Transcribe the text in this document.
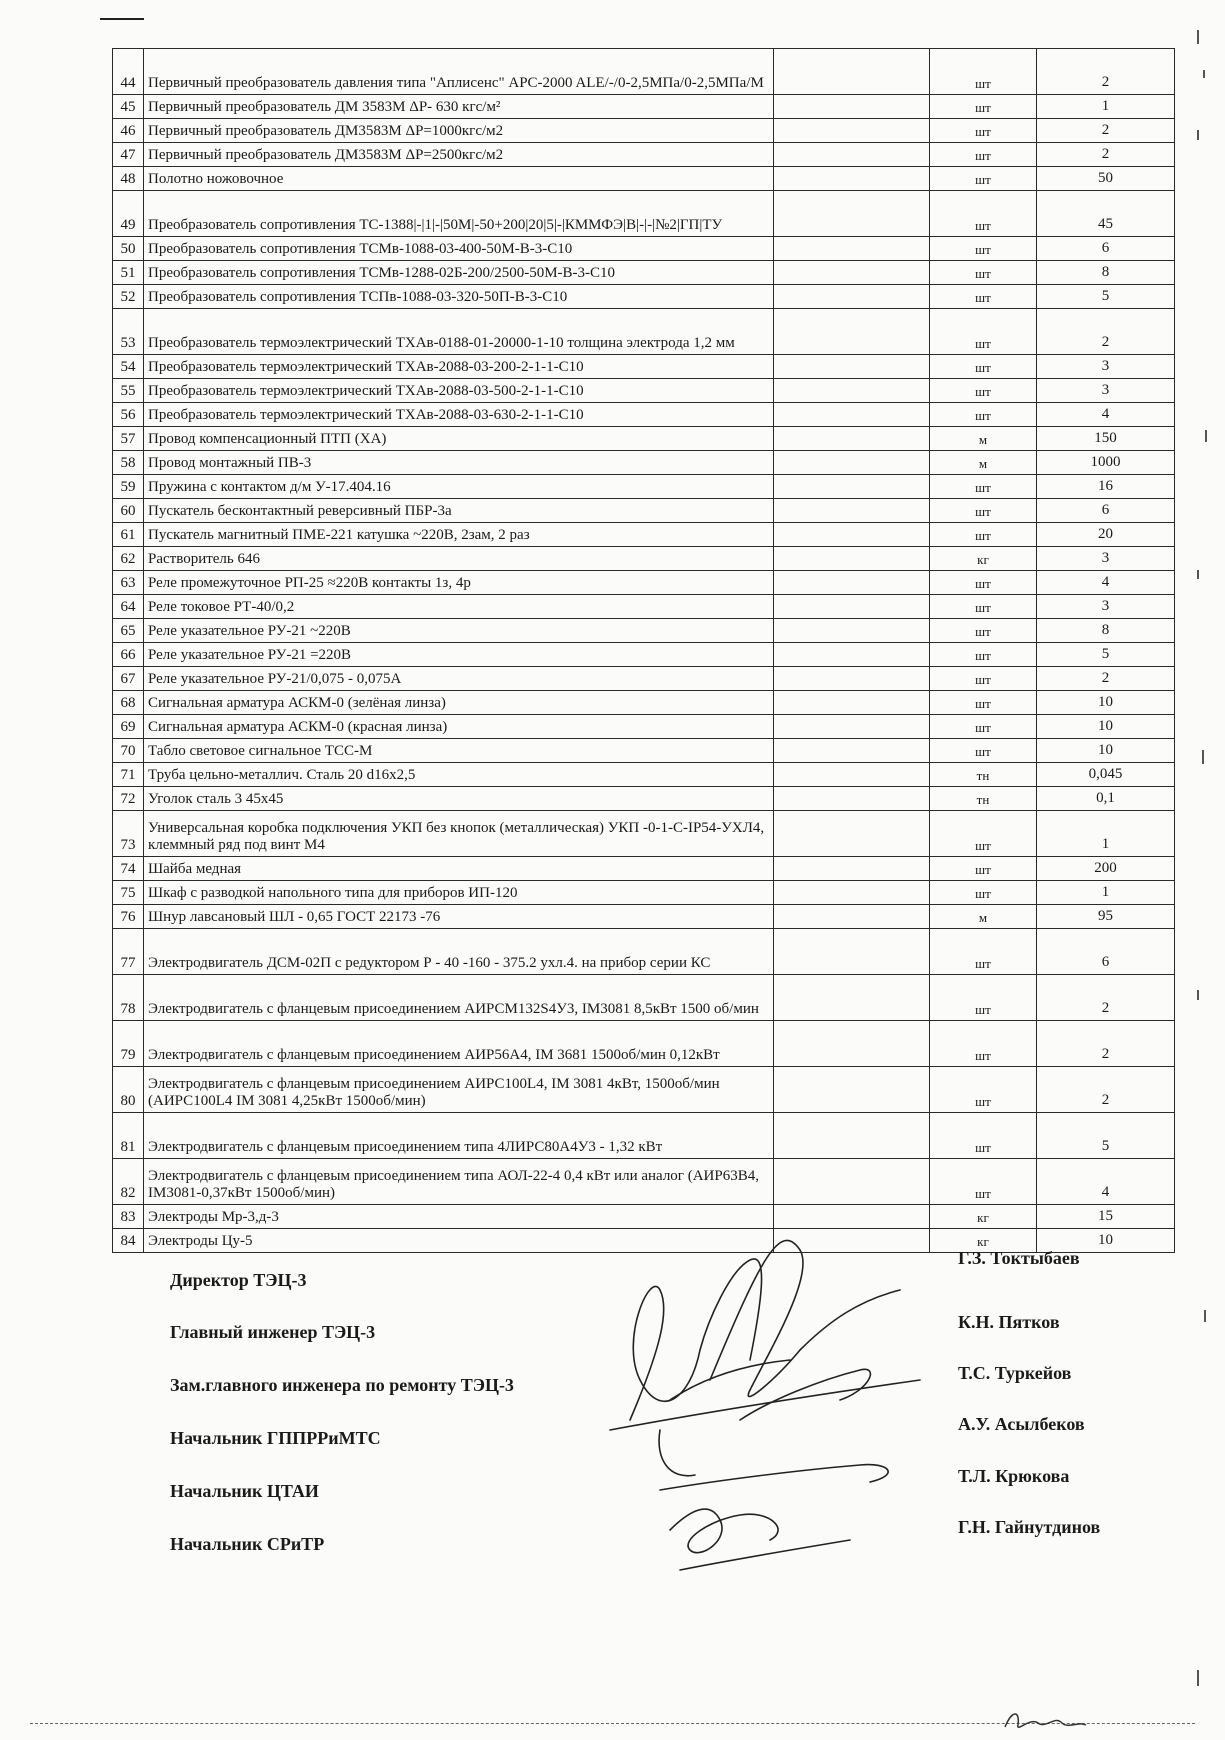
44	Первичный преобразователь давления типа "Аплисенс" APC-2000 ALE/-/0-2,5МПа/0-2,5МПа/М		шт	2
45	Первичный преобразователь ДМ 3583М ΔР- 630 кгс/м²		шт	1
46	Первичный преобразователь ДМ3583М ΔР=1000кгс/м2		шт	2
47	Первичный преобразователь ДМ3583М ΔР=2500кгс/м2		шт	2
48	Полотно ножовочное		шт	50
49	Преобразователь сопротивления ТС-1388|-|1|-|50М|-50+200|20|5|-|КММФЭ|В|-|-|№2|ГП|ТУ		шт	45
50	Преобразователь сопротивления ТСМв-1088-03-400-50М-В-3-С10		шт	6
51	Преобразователь сопротивления ТСМв-1288-02Б-200/2500-50М-В-3-С10		шт	8
52	Преобразователь сопротивления ТСПв-1088-03-320-50П-В-3-С10		шт	5
53	Преобразователь термоэлектрический ТХАв-0188-01-20000-1-10 толщина электрода 1,2 мм		шт	2
54	Преобразователь термоэлектрический ТХАв-2088-03-200-2-1-1-С10		шт	3
55	Преобразователь термоэлектрический ТХАв-2088-03-500-2-1-1-С10		шт	3
56	Преобразователь термоэлектрический ТХАв-2088-03-630-2-1-1-С10		шт	4
57	Провод компенсационный ПТП (ХА)		м	150
58	Провод монтажный ПВ-3		м	1000
59	Пружина с контактом д/м У-17.404.16		шт	16
60	Пускатель бесконтактный реверсивный ПБР-3а		шт	6
61	Пускатель магнитный ПМЕ-221 катушка ~220В, 2зам, 2 раз		шт	20
62	Растворитель 646		кг	3
63	Реле промежуточное РП-25 ≈220В контакты 1з, 4р		шт	4
64	Реле токовое РТ-40/0,2		шт	3
65	Реле указательное РУ-21 ~220В		шт	8
66	Реле указательное РУ-21 =220В		шт	5
67	Реле указательное РУ-21/0,075 - 0,075А		шт	2
68	Сигнальная арматура АСКМ-0 (зелёная линза)		шт	10
69	Сигнальная арматура АСКМ-0 (красная линза)		шт	10
70	Табло световое сигнальное ТСС-М		шт	10
71	Труба цельно-металлич. Сталь 20 d16х2,5		тн	0,045
72	Уголок сталь 3 45х45		тн	0,1
73	Универсальная коробка подключения УКП без кнопок (металлическая) УКП -0-1-С-IP54-УХЛ4, клеммный ряд под винт М4		шт	1
74	Шайба медная		шт	200
75	Шкаф с разводкой напольного типа для приборов ИП-120		шт	1
76	Шнур лавсановый ШЛ - 0,65 ГОСТ 22173 -76		м	95
77	Электродвигатель ДСМ-02П с редуктором Р - 40 -160 - 375.2 ухл.4. на прибор серии КС		шт	6
78	Электродвигатель с фланцевым присоединением АИРСМ132S4У3, IM3081 8,5кВт 1500 об/мин		шт	2
79	Электродвигатель с фланцевым присоединением АИР56А4, IM 3681 1500об/мин 0,12кВт		шт	2
80	Электродвигатель с фланцевым присоединением АИРС100L4, IM 3081 4кВт, 1500об/мин (АИРС100L4 IM 3081 4,25кВт 1500об/мин)		шт	2
81	Электродвигатель с фланцевым присоединением типа 4ЛИРС80А4У3 - 1,32 кВт		шт	5
82	Электродвигатель с фланцевым присоединением типа АОЛ-22-4 0,4 кВт или аналог (АИР63В4, IM3081-0,37кВт 1500об/мин)		шт	4
83	Электроды Мр-3,д-3		кг	15
84	Электроды Цу-5		кг	10
Директор ТЭЦ-3
Г.З. Токтыбаев
Главный инженер ТЭЦ-3	К.Н. Пятков
Зам.главного инженера по ремонту ТЭЦ-3
Т.С. Туркейов
Начальник ГППРРиМТС
А.У. Асылбеков
Начальник ЦТАИ
Т.Л. Крюкова
Начальник СРиТР
Г.Н. Гайнутдинов
